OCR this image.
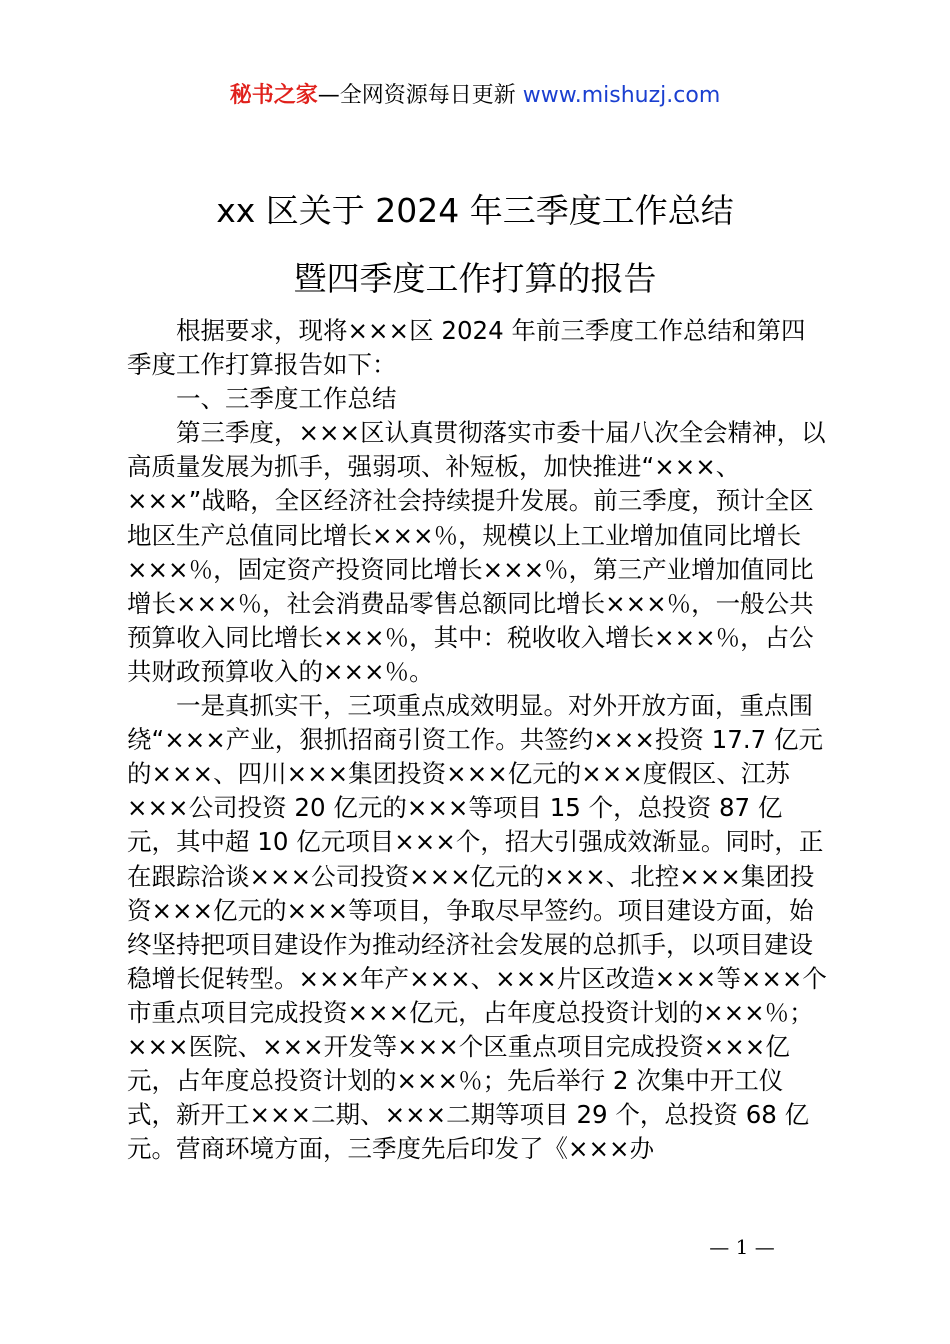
秘书之家—全网资源每日更新 www.mishuzj.com
xx 区关于 2024 年三季度工作总结
暨四季度工作打算的报告

根据要求，现将×××区 2024 年前三季度工作总结和第四季度工作打算报告如下：

一、三季度工作总结

第三季度，×××区认真贯彻落实市委十届八次全会精神，以高质量发展为抓手，强弱项、补短板，加快推进“×××、×××”战略，全区经济社会持续提升发展。前三季度，预计全区地区生产总值同比增长×××％，规模以上工业增加值同比增长×××％，固定资产投资同比增长×××％，第三产业增加值同比增长×××％，社会消费品零售总额同比增长×××％，一般公共预算收入同比增长×××％，其中：税收收入增长×××％，占公共财政预算收入的×××％。

一是真抓实干，三项重点成效明显。对外开放方面，重点围绕“×××产业，狠抓招商引资工作。共签约×××投资 17.7 亿元的×××、四川×××集团投资×××亿元的×××度假区、江苏×××公司投资 20 亿元的×××等项目 15 个，总投资 87 亿元，其中超 10 亿元项目×××个，招大引强成效渐显。同时，正在跟踪洽谈×××公司投资×××亿元的×××、北控×××集团投资×××亿元的×××等项目，争取尽早签约。项目建设方面，始终坚持把项目建设作为推动经济社会发展的总抓手，以项目建设稳增长促转型。×××年产×××、×××片区改造×××等×××个市重点项目完成投资×××亿元，占年度总投资计划的×××％；×××医院、×××开发等×××个区重点项目完成投资×××亿元，占年度总投资计划的×××％；先后举行 2 次集中开工仪式，新开工×××二期、×××二期等项目 29 个，总投资 68 亿元。营商环境方面，三季度先后印发了《×××办

— 1 —
